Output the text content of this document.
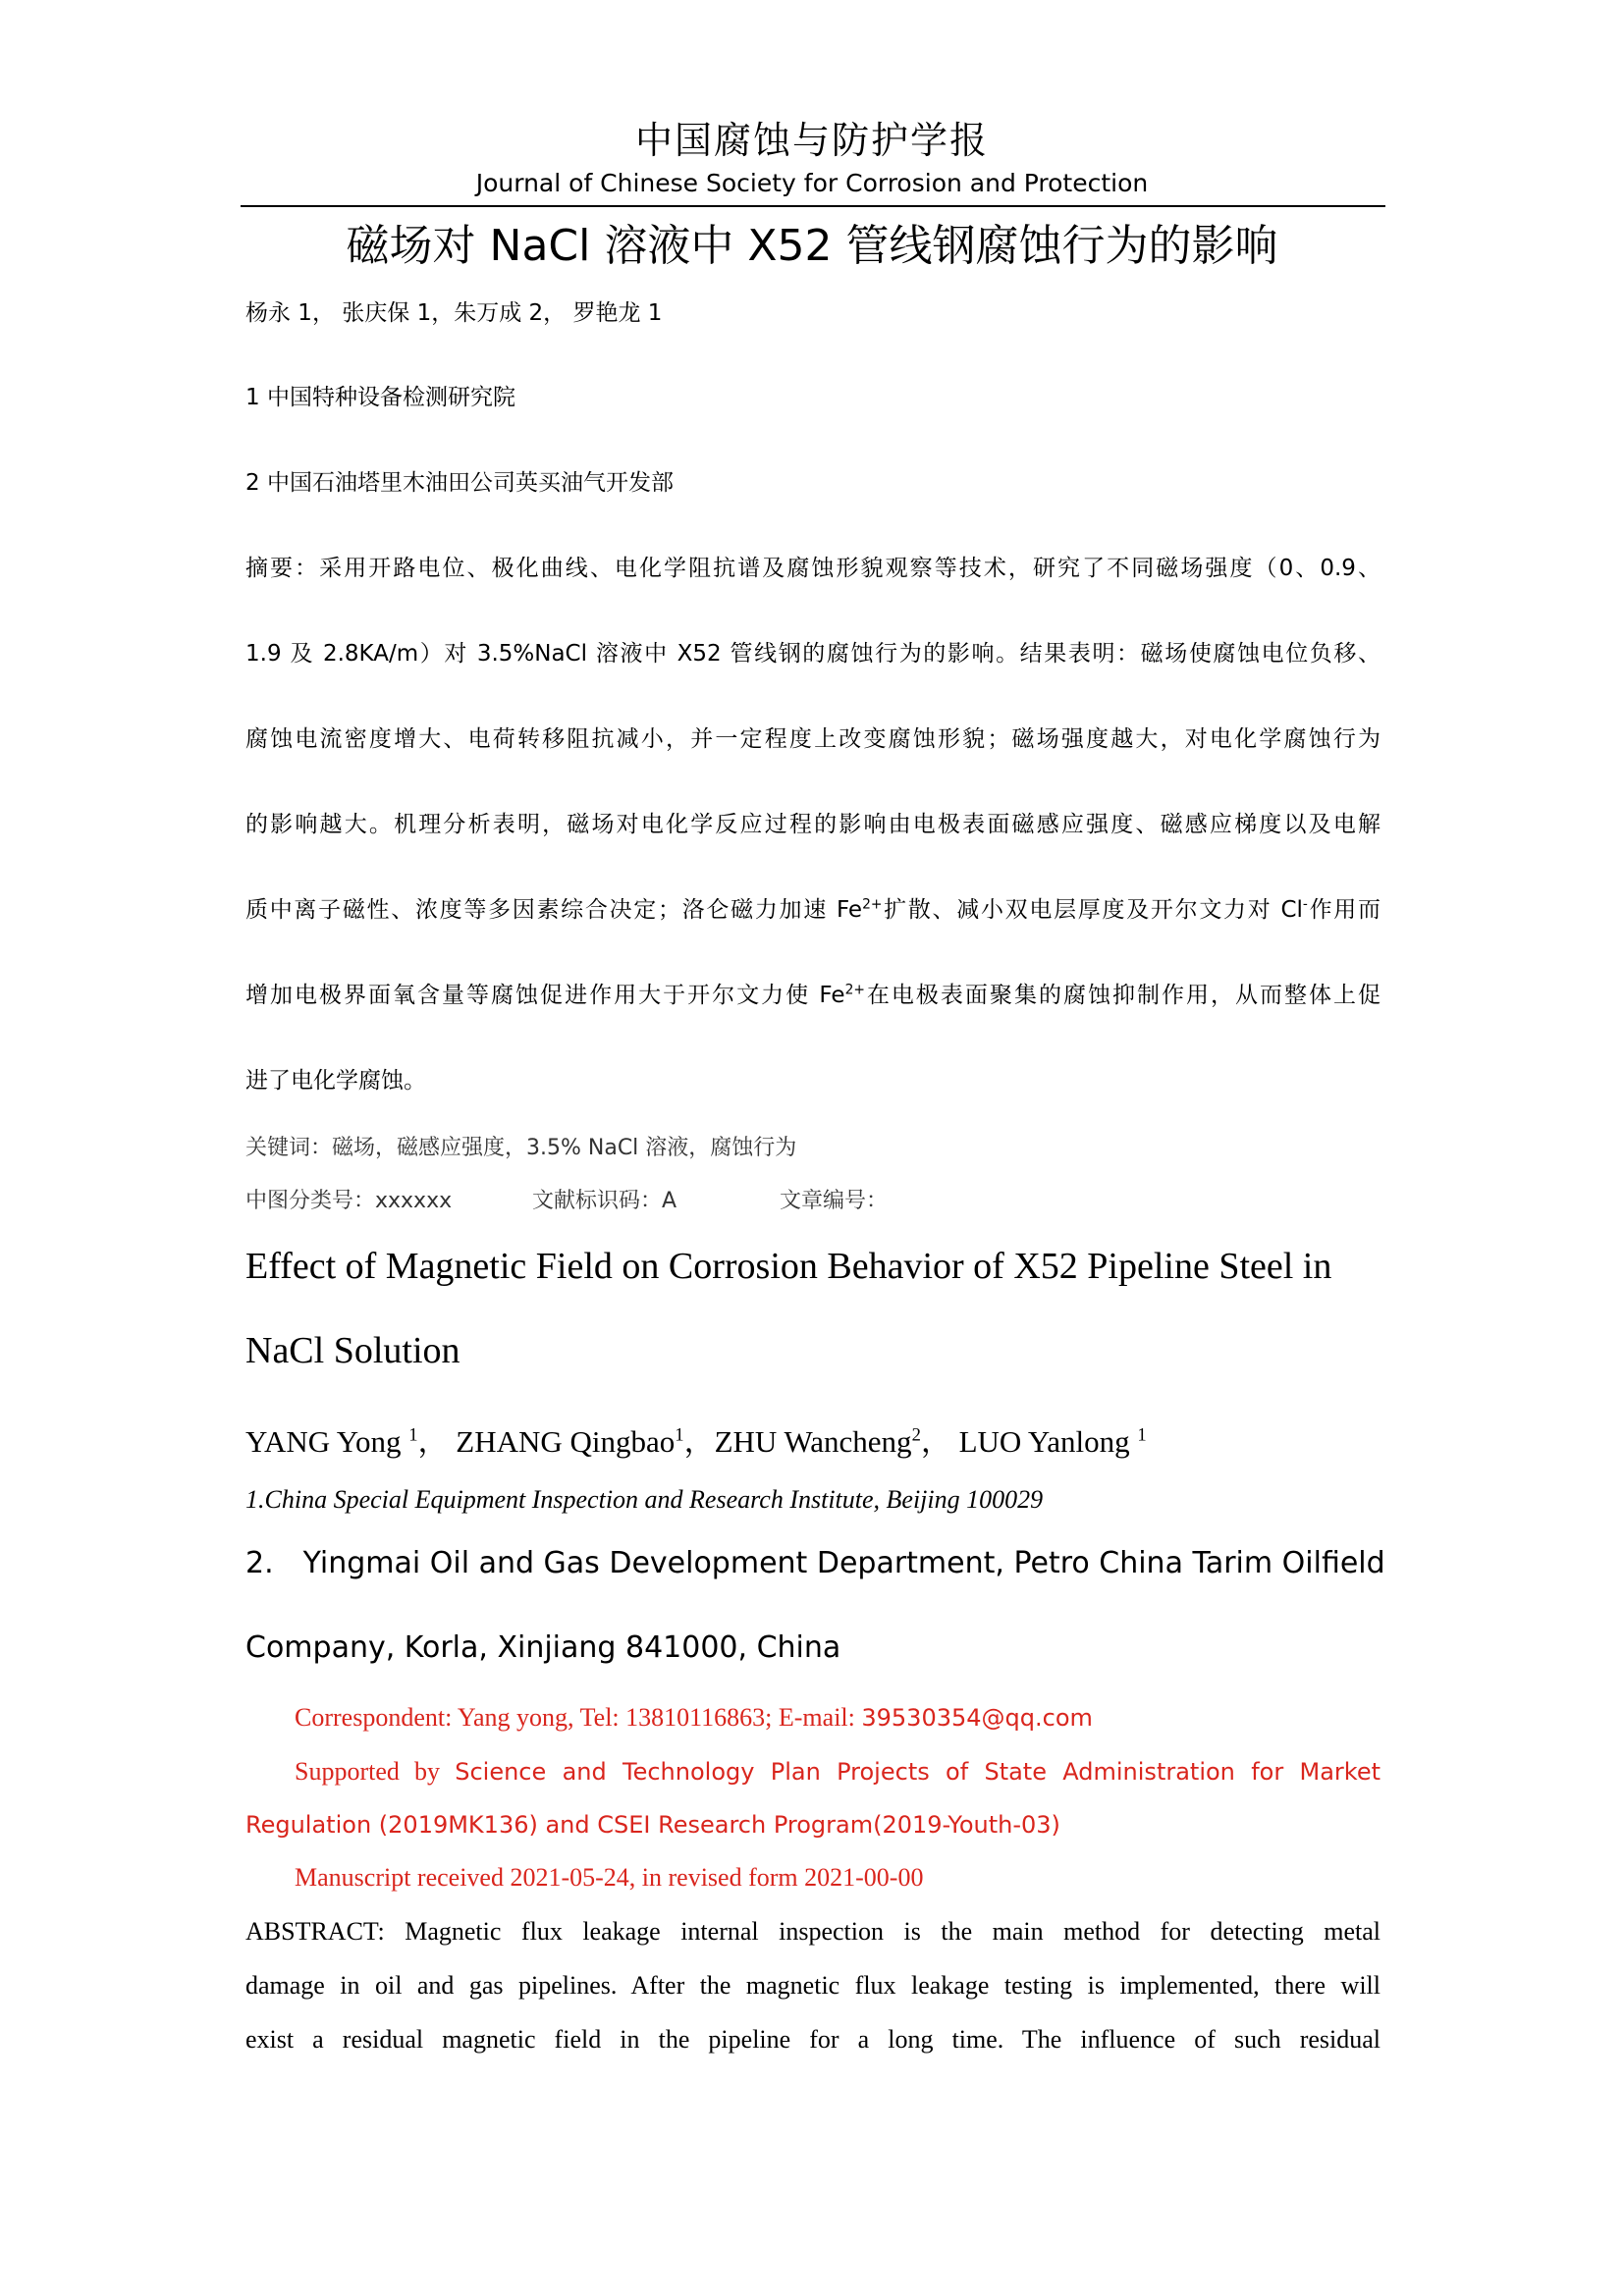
中国腐蚀与防护学报
Journal of Chinese Society for Corrosion and Protection
磁场对 NaCl 溶液中 X52 管线钢腐蚀行为的影响
杨永 1， 张庆保 1，朱万成 2， 罗艳龙 1
1 中国特种设备检测研究院
2 中国石油塔里木油田公司英买油气开发部
摘要：采用开路电位、极化曲线、电化学阻抗谱及腐蚀形貌观察等技术，研究了不同磁场强度（0、0.9、
1.9 及 2.8KA/m）对 3.5%NaCl 溶液中 X52 管线钢的腐蚀行为的影响。结果表明：磁场使腐蚀电位负移、
腐蚀电流密度增大、电荷转移阻抗减小，并一定程度上改变腐蚀形貌；磁场强度越大，对电化学腐蚀行为
的影响越大。机理分析表明，磁场对电化学反应过程的影响由电极表面磁感应强度、磁感应梯度以及电解
质中离子磁性、浓度等多因素综合决定；洛仑磁力加速 $Fe^{2+}$扩散、减小双电层厚度及开尔文力对 Cl-作用而
增加电极界面氧含量等腐蚀促进作用大于开尔文力使 $Fe^{2+}$在电极表面聚集的腐蚀抑制作用，从而整体上促
进了电化学腐蚀。
关键词：磁场，磁感应强度，3.5% NaCl 溶液，腐蚀行为
中图分类号：xxxxxx	文献标识码：A	文章编号：
Effect of Magnetic Field on Corrosion Behavior of X52 Pipeline Steel in
NaCl Solution
YANG Yong $^1$， ZHANG Qingbao$^1$，ZHU Wancheng$^2$， LUO Yanlong $^1$
1.China Special Equipment Inspection and Research Institute, Beijing 100029
2. Yingmai Oil and Gas Development Department, Petro China Tarim Oilfield
Company, Korla, Xinjiang 841000, China
Correspondent: Yang yong, Tel: 13810116863; E-mail: 39530354@qq.com
Supported by Science and Technology Plan Projects of State Administration for Market
Regulation (2019MK136) and CSEI Research Program(2019-Youth-03)
Manuscript received 2021-05-24, in revised form 2021-00-00
ABSTRACT: Magnetic flux leakage internal inspection is the main method for detecting metal
damage in oil and gas pipelines. After the magnetic flux leakage testing is implemented, there will
exist a residual magnetic field in the pipeline for a long time. The influence of such residual
